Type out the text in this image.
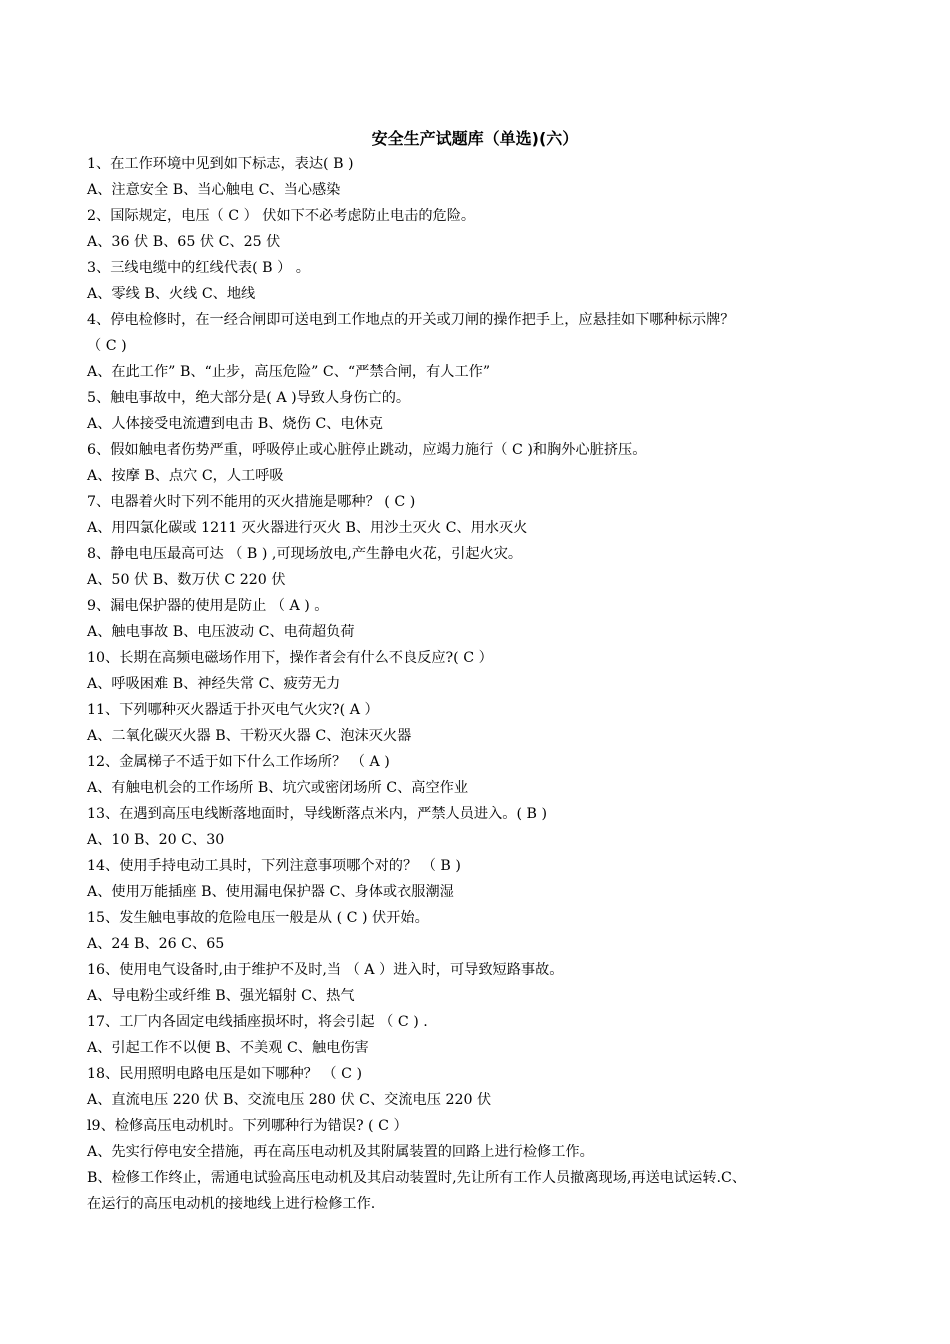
安全生产试题库（单选)(六）
1、在工作环境中见到如下标志，表达( B )
A、注意安全 B、当心触电 C、当心感染
2、国际规定，电压（ C ） 伏如下不必考虑防止电击的危险。
A、36 伏 B、65 伏 C、25 伏
3、三线电缆中的红线代表( B ） 。
A、零线 B、火线 C、地线
4、停电检修时，在一经合闸即可送电到工作地点的开关或刀闸的操作把手上，应悬挂如下哪种标示牌？
（ C )
A、在此工作” B、“止步，高压危险” C、“严禁合闸，有人工作”
5、触电事故中，绝大部分是( A )导致人身伤亡的。
A、人体接受电流遭到电击 B、烧伤 C、电休克
6、假如触电者伤势严重，呼吸停止或心脏停止跳动，应竭力施行（ C )和胸外心脏挤压。
A、按摩 B、点穴 C，人工呼吸
7、电器着火时下列不能用的灭火措施是哪种？ ( C )
A、用四氯化碳或 1211 灭火器进行灭火 B、用沙土灭火 C、用水灭火
8、静电电压最高可达 （ B ) ,可现场放电,产生静电火花，引起火灾。
A、50 伏 B、数万伏 C 220 伏
9、漏电保护器的使用是防止 （ A ) 。
A、触电事故 B、电压波动 C、电荷超负荷
10、长期在高频电磁场作用下，操作者会有什么不良反应?( C ）
A、呼吸困难 B、神经失常 C、疲劳无力
11、下列哪种灭火器适于扑灭电气火灾?( A ）
A、二氧化碳灭火器 B、干粉灭火器 C、泡沫灭火器
12、金属梯子不适于如下什么工作场所？ （ A )
A、有触电机会的工作场所 B、坑穴或密闭场所 C、高空作业
13、在遇到高压电线断落地面时，导线断落点米内，严禁人员进入。( B )
A、10 B、20 C、30
14、使用手持电动工具时，下列注意事项哪个对的？ （ B )
A、使用万能插座 B、使用漏电保护器 C、身体或衣服潮湿
15、发生触电事故的危险电压一般是从 ( C ) 伏开始。
A、24 B、26 C、65
16、使用电气设备时,由于维护不及时,当 （ A ）进入时，可导致短路事故。
A、导电粉尘或纤维 B、强光辐射 C、热气
17、工厂内各固定电线插座损坏时，将会引起 （ C ) .
A、引起工作不以便 B、不美观 C、触电伤害
18、民用照明电路电压是如下哪种？ （ C )
A、直流电压 220 伏 B、交流电压 280 伏 C、交流电压 220 伏
l9、检修高压电动机时。下列哪种行为错误? ( C ）
A、先实行停电安全措施，再在高压电动机及其附属装置的回路上进行检修工作。
B、检修工作终止，需通电试验高压电动机及其启动装置时,先让所有工作人员撤离现场,再送电试运转.C、
在运行的高压电动机的接地线上进行检修工作.
